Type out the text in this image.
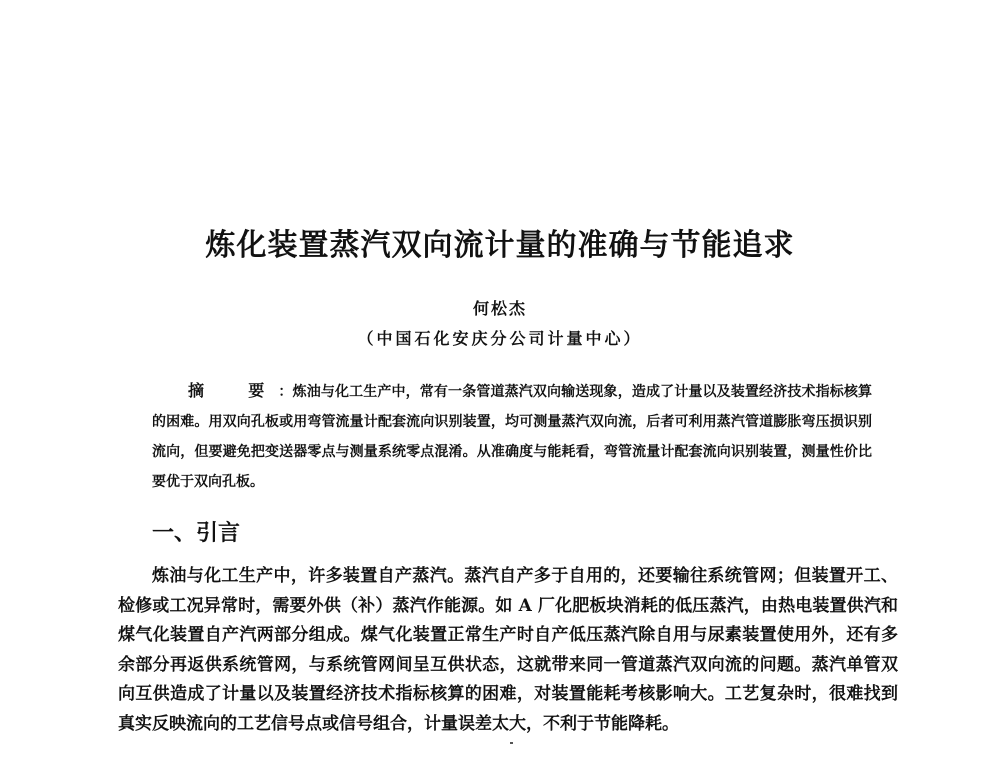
炼化装置蒸汽双向流计量的准确与节能追求
何松杰
（中国石化安庆分公司计量中心）
摘　要：炼油与化工生产中，常有一条管道蒸汽双向输送现象，造成了计量以及装置经济技术指标核算的困难。用双向孔板或用弯管流量计配套流向识别装置，均可测量蒸汽双向流，后者可利用蒸汽管道膨胀弯压损识别流向，但要避免把变送器零点与测量系统零点混淆。从准确度与能耗看，弯管流量计配套流向识别装置，测量性价比要优于双向孔板。
一、引言

炼油与化工生产中，许多装置自产蒸汽。蒸汽自产多于自用的，还要输往系统管网；但装置开工、检修或工况异常时，需要外供（补）蒸汽作能源。如 A 厂化肥板块消耗的低压蒸汽，由热电装置供汽和煤气化装置自产汽两部分组成。煤气化装置正常生产时自产低压蒸汽除自用与尿素装置使用外，还有多余部分再返供系统管网，与系统管网间呈互供状态，这就带来同一管道蒸汽双向流的问题。蒸汽单管双向互供造成了计量以及装置经济技术指标核算的困难，对装置能耗考核影响大。工艺复杂时，很难找到真实反映流向的工艺信号点或信号组合，计量误差太大，不利于节能降耗。
